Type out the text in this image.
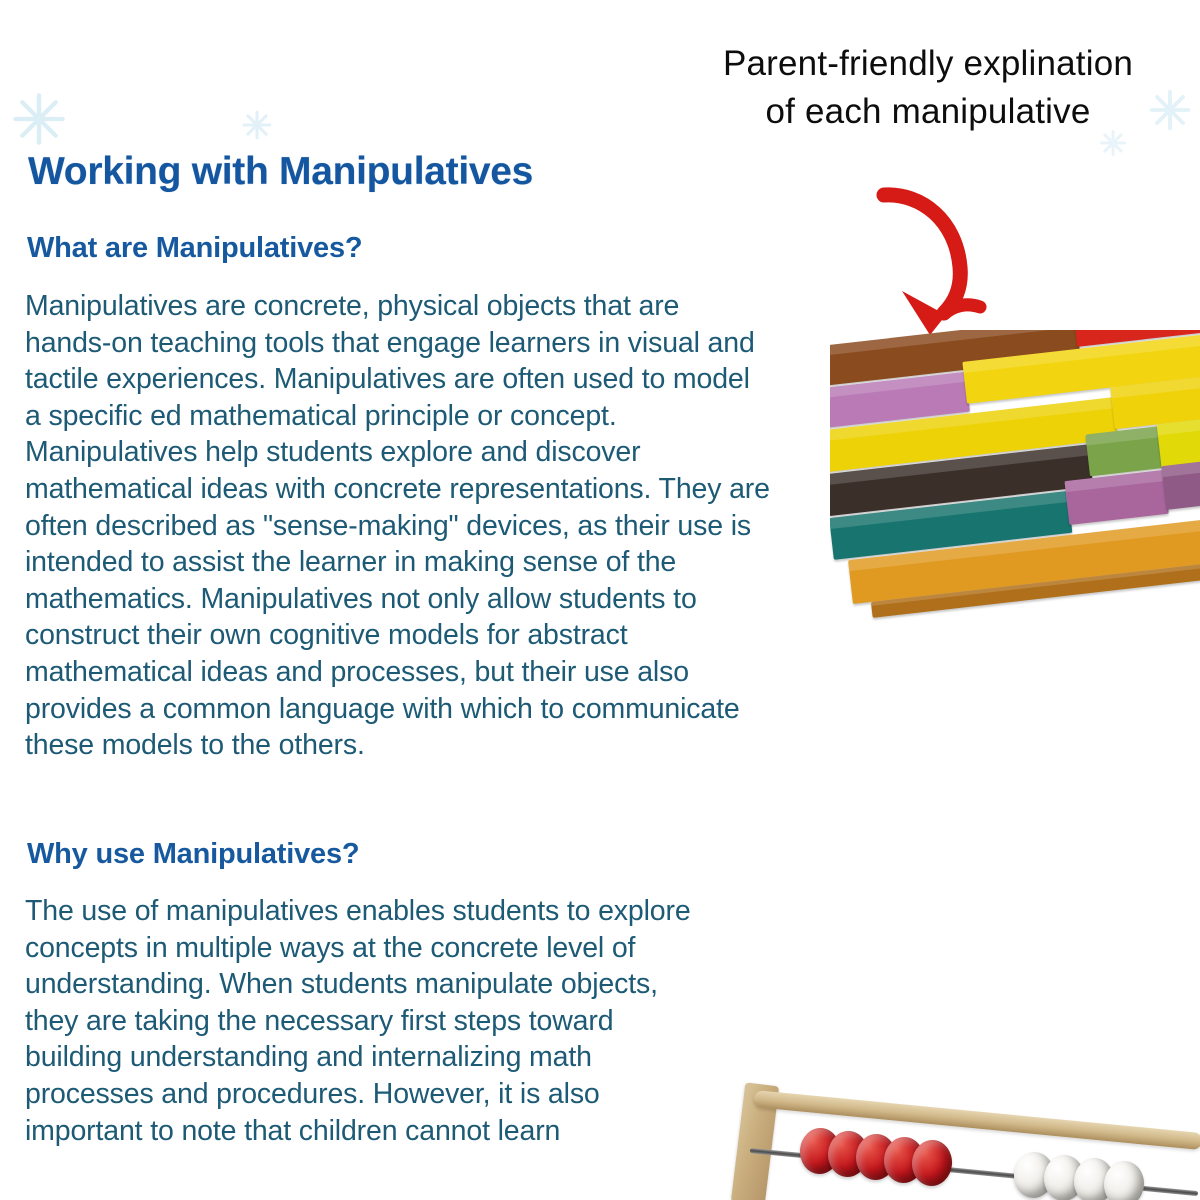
Working with Manipulatives
What are Manipulatives?
Manipulatives are concrete, physical objects that are hands-on teaching tools that engage learners in visual and tactile experiences. Manipulatives are often used to model a specific ed mathematical principle or concept. Manipulatives help students explore and discover mathematical ideas with concrete representations. They are often described as "sense-making" devices, as their use is intended to assist the learner in making sense of the mathematics. Manipulatives not only allow students to construct their own cognitive models for abstract mathematical ideas and processes, but their use also provides a common language with which to communicate these models to the others.
Why use Manipulatives?
The use of manipulatives enables students to explore concepts in multiple ways at the concrete level of understanding. When students manipulate objects, they are taking the necessary first steps toward building understanding and internalizing math processes and procedures. However, it is also important to note that children cannot learn
Parent-friendly explination of each manipulative
